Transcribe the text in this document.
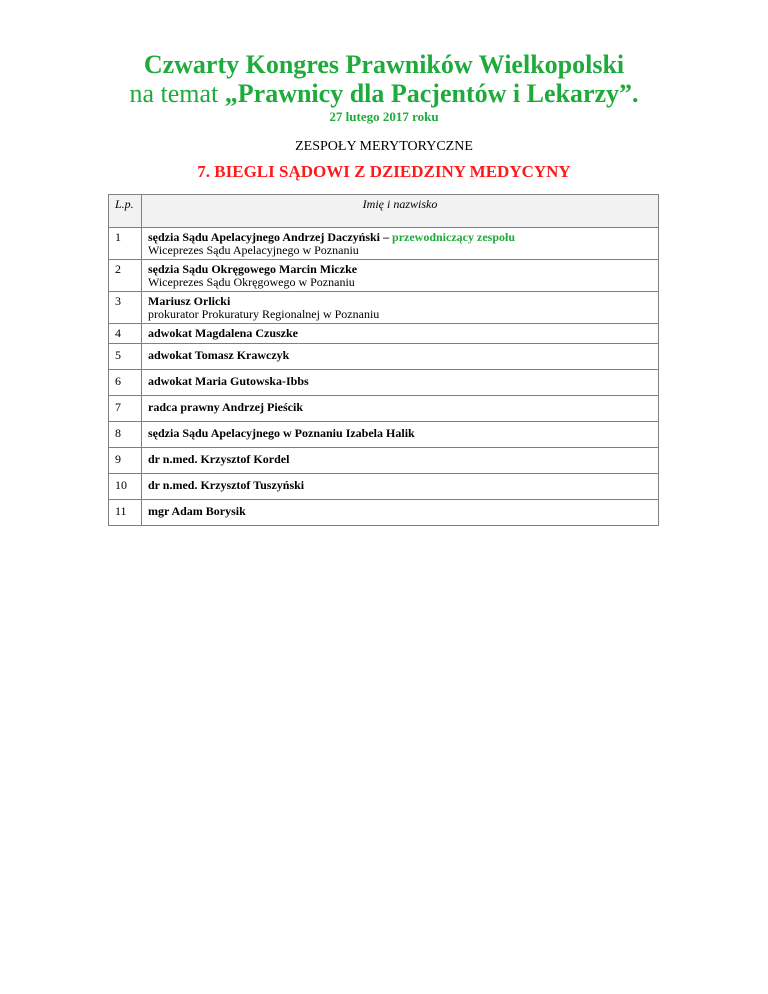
Czwarty Kongres Prawników Wielkopolski
na temat „Prawnicy dla Pacjentów i Lekarzy”.
27 lutego 2017 roku
ZESPOŁY MERYTORYCZNE
7. BIEGLI SĄDOWI Z DZIEDZINY MEDYCYNY
L.p.	Imię i nazwisko
1	sędzia Sądu Apelacyjnego Andrzej Daczyński – przewodniczący zespołu
Wiceprezes Sądu Apelacyjnego w Poznaniu

2	sędzia Sądu Okręgowego Marcin Miczke
Wiceprezes Sądu Okręgowego w Poznaniu

3	Mariusz Orlicki
prokurator Prokuratury Regionalnej w Poznaniu

4	adwokat Magdalena Czuszke
5	adwokat Tomasz Krawczyk
6	adwokat Maria Gutowska-Ibbs
7	radca prawny Andrzej Pieścik
8	sędzia Sądu Apelacyjnego w Poznaniu Izabela Halik
9	dr n.med. Krzysztof Kordel
10	dr n.med. Krzysztof Tuszyński
11	mgr Adam Borysik
